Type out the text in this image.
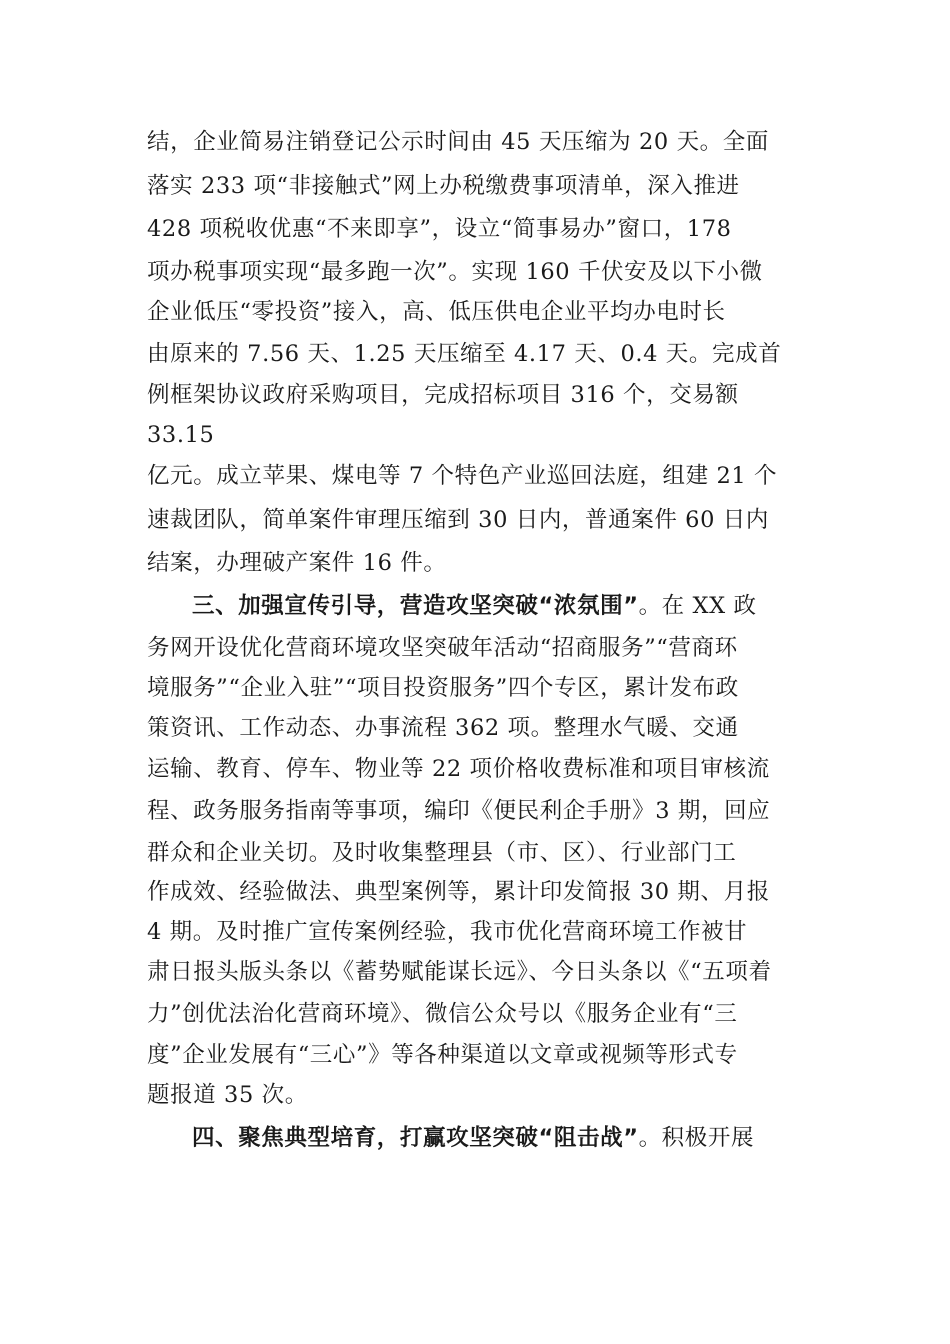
结，企业简易注销登记公示时间由 45 天压缩为 20 天。全面
落实 233 项“非接触式”网上办税缴费事项清单，深入推进
428 项税收优惠“不来即享”，设立“简事易办”窗口，178
项办税事项实现“最多跑一次”。实现 160 千伏安及以下小微
企业低压“零投资”接入，高、低压供电企业平均办电时长
由原来的 7.56 天、1.25 天压缩至 4.17 天、0.4 天。完成首
例框架协议政府采购项目，完成招标项目 316 个，交易额
33.15
亿元。成立苹果、煤电等 7 个特色产业巡回法庭，组建 21 个
速裁团队，简单案件审理压缩到 30 日内，普通案件 60 日内
结案，办理破产案件 16 件。
三、加强宣传引导，营造攻坚突破“浓氛围”。在 XX 政
务网开设优化营商环境攻坚突破年活动“招商服务”“营商环
境服务”“企业入驻”“项目投资服务”四个专区，累计发布政
策资讯、工作动态、办事流程 362 项。整理水气暖、交通
运输、教育、停车、物业等 22 项价格收费标准和项目审核流
程、政务服务指南等事项，编印《便民利企手册》3 期，回应
群众和企业关切。及时收集整理县（市、区）、行业部门工
作成效、经验做法、典型案例等，累计印发简报 30 期、月报
4 期。及时推广宣传案例经验，我市优化营商环境工作被甘
肃日报头版头条以《蓄势赋能谋长远》、今日头条以《“五项着
力”创优法治化营商环境》、微信公众号以《服务企业有“三
度”企业发展有“三心”》等各种渠道以文章或视频等形式专
题报道 35 次。
四、聚焦典型培育，打赢攻坚突破“阻击战”。积极开展
